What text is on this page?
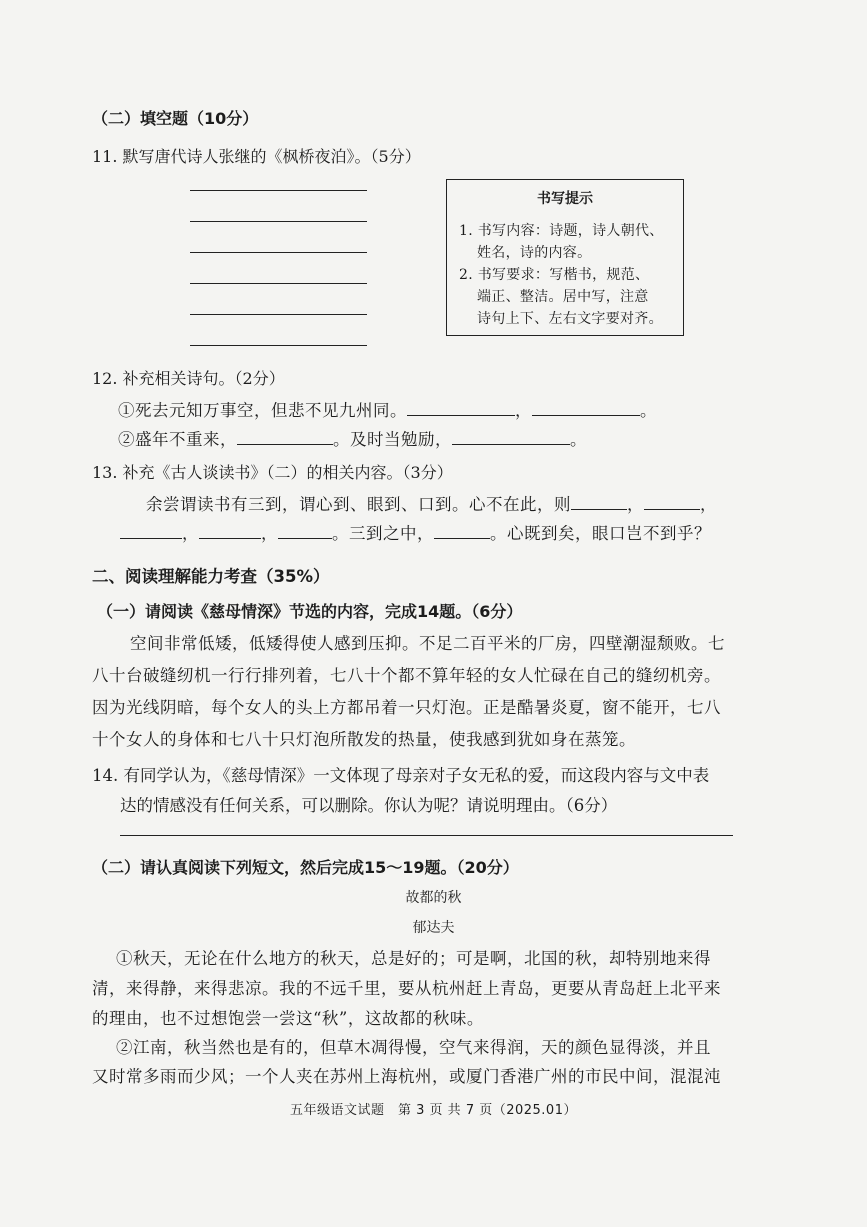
（二）填空题（10分）
11. 默写唐代诗人张继的《枫桥夜泊》。（5分）
书写提示
1. 书写内容：诗题，诗人朝代、
姓名，诗的内容。
2. 书写要求：写楷书，规范、
端正、整洁。居中写，注意
诗句上下、左右文字要对齐。
12. 补充相关诗句。（2分）
①死去元知万事空，但悲不见九州同。	，	。
②盛年不重来，	。及时当勉励，	。
13. 补充《古人谈读书》（二）的相关内容。（3分）
余尝谓读书有三到，谓心到、眼到、口到。心不在此，则	，	，
，	，	。三到之中，	。心既到矣，眼口岂不到乎？
二、阅读理解能力考查（35%）
（一）请阅读《慈母情深》节选的内容，完成14题。（6分）
空间非常低矮，低矮得使人感到压抑。不足二百平米的厂房，四壁潮湿颓败。七
八十台破缝纫机一行行排列着，七八十个都不算年轻的女人忙碌在自己的缝纫机旁。
因为光线阴暗，每个女人的头上方都吊着一只灯泡。正是酷暑炎夏，窗不能开，七八
十个女人的身体和七八十只灯泡所散发的热量，使我感到犹如身在蒸笼。
14. 有同学认为，《慈母情深》一文体现了母亲对子女无私的爱，而这段内容与文中表
达的情感没有任何关系，可以删除。你认为呢？请说明理由。（6分）
（二）请认真阅读下列短文，然后完成15～19题。（20分）
故都的秋
郁达夫
①秋天，无论在什么地方的秋天，总是好的；可是啊，北国的秋，却特别地来得
清，来得静，来得悲凉。我的不远千里，要从杭州赶上青岛，更要从青岛赶上北平来
的理由，也不过想饱尝一尝这“秋”，这故都的秋味。
②江南，秋当然也是有的，但草木凋得慢，空气来得润，天的颜色显得淡，并且
又时常多雨而少风；一个人夹在苏州上海杭州，或厦门香港广州的市民中间，混混沌
五年级语文试题　第 3 页 共 7 页（2025.01）
